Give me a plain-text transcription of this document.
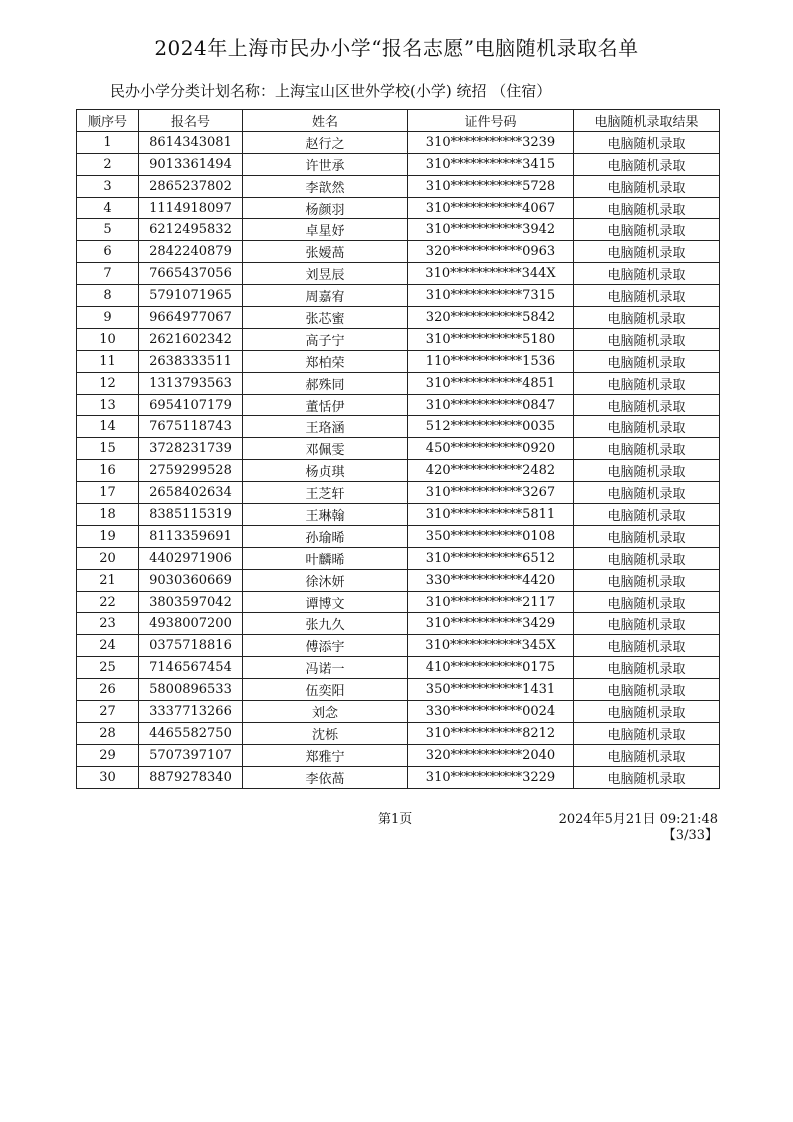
2024年上海市民办小学“报名志愿”电脑随机录取名单
民办小学分类计划名称：上海宝山区世外学校(小学) 统招 （住宿）
顺序号	报名号	姓名	证件号码	电脑随机录取结果
1	8614343081	赵行之	310***********3239	电脑随机录取
2	9013361494	许世承	310***********3415	电脑随机录取
3	2865237802	李歆然	310***********5728	电脑随机录取
4	1114918097	杨颜羽	310***********4067	电脑随机录取
5	6212495832	卓星妤	310***********3942	电脑随机录取
6	2842240879	张嫒萵	320***********0963	电脑随机录取
7	7665437056	刘昱辰	310***********344X	电脑随机录取
8	5791071965	周嘉宥	310***********7315	电脑随机录取
9	9664977067	张芯蜜	320***********5842	电脑随机录取
10	2621602342	高子宁	310***********5180	电脑随机录取
11	2638333511	郑柏荣	110***********1536	电脑随机录取
12	1313793563	郝殊同	310***********4851	电脑随机录取
13	6954107179	董恬伊	310***********0847	电脑随机录取
14	7675118743	王珞涵	512***********0035	电脑随机录取
15	3728231739	邓佩雯	450***********0920	电脑随机录取
16	2759299528	杨贞琪	420***********2482	电脑随机录取
17	2658402634	王芝轩	310***********3267	电脑随机录取
18	8385115319	王琳翰	310***********5811	电脑随机录取
19	8113359691	孙瑜晞	350***********0108	电脑随机录取
20	4402971906	叶麟晞	310***********6512	电脑随机录取
21	9030360669	徐沐妍	330***********4420	电脑随机录取
22	3803597042	谭博文	310***********2117	电脑随机录取
23	4938007200	张九久	310***********3429	电脑随机录取
24	0375718816	傅添宇	310***********345X	电脑随机录取
25	7146567454	冯诺一	410***********0175	电脑随机录取
26	5800896533	伍奕阳	350***********1431	电脑随机录取
27	3337713266	刘念	330***********0024	电脑随机录取
28	4465582750	沈栎	310***********8212	电脑随机录取
29	5707397107	郑雅宁	320***********2040	电脑随机录取
30	8879278340	李依萵	310***********3229	电脑随机录取
第1页	2024年5月21日 09:21:48
【3/33】
